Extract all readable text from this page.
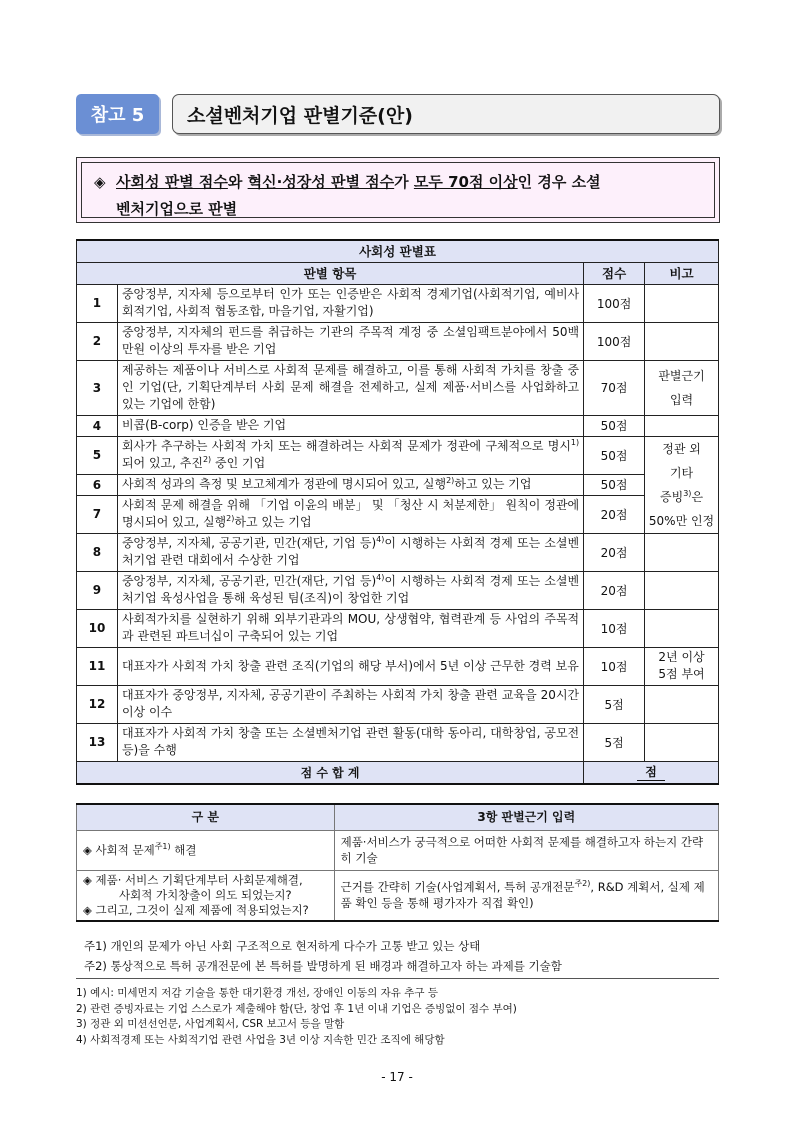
참고 5	소셜벤처기업 판별기준(안)
◈ 사회성 판별 점수와 혁신·성장성 판별 점수가 모두 70점 이상인 경우 소셜
벤처기업으로 판별
사회성 판별표			
판별 항목		점수	비고
1	중앙정부, 지자체 등으로부터 인가 또는 인증받은 사회적 경제기업(사회적기업, 예비사회적기업, 사회적 협동조합, 마을기업, 자활기업)	100점	
2	중앙정부, 지자체의 펀드를 취급하는 기관의 주목적 계정 중 소셜임팩트분야에서 50백만원 이상의 투자를 받은 기업	100점	
3	제공하는 제품이나 서비스로 사회적 문제를 해결하고, 이를 통해 사회적 가치를 창출 중인 기업(단, 기획단계부터 사회 문제 해결을 전제하고, 실제 제품·서비스를 사업화하고 있는 기업에 한함)	70점	판별근기
입력
4	비콥(B-corp) 인증을 받은 기업	50점	
5	회사가 추구하는 사회적 가치 또는 해결하려는 사회적 문제가 정관에 구체적으로 명시$^{1)}$되어 있고, 추진$^{2)}$ 중인 기업	50점	정관 외
기타
증빙$^{3)}$은
50%만 인정
6	사회적 성과의 측정 및 보고체계가 정관에 명시되어 있고, 실행$^{2)}$하고 있는 기업	50점	
7	사회적 문제 해결을 위해 「기업 이윤의 배분」 및 「청산 시 처분제한」 원칙이 정관에 명시되어 있고, 실행$^{2)}$하고 있는 기업	20점	
8	중앙정부, 지자체, 공공기관, 민간(재단, 기업 등)$^{4)}$이 시행하는 사회적 경제 또는 소셜벤처기업 관련 대회에서 수상한 기업	20점	
9	중앙정부, 지자체, 공공기관, 민간(재단, 기업 등)$^{4)}$이 시행하는 사회적 경제 또는 소셜벤처기업 육성사업을 통해 육성된 팀(조직)이 창업한 기업	20점	
10	사회적가치를 실현하기 위해 외부기관과의 MOU, 상생협약, 협력관계 등 사업의 주목적과 관련된 파트너십이 구축되어 있는 기업	10점	
11	대표자가 사회적 가치 창출 관련 조직(기업의 해당 부서)에서 5년 이상 근무한 경력 보유	10점	2년 이상
5점 부여
12	대표자가 중앙정부, 지자체, 공공기관이 주최하는 사회적 가치 창출 관련 교육을 20시간 이상 이수	5점	
13	대표자가 사회적 가치 창출 또는 소셜벤처기업 관련 활동(대학 동아리, 대학창업, 공모전 등)을 수행	5점	
점 수 합 계		점	
구 분	3항 판별근기 입력
◈ 사회적 문제$^{주1)}$ 해결	제품·서비스가 궁극적으로 어떠한 사회적 문제를 해결하고자 하는지 간략히 기술

◈ 제품· 서비스 기획단계부터 사회문제해결,
사회적 가치창출이 의도 되었는지?
◈ 그리고, 그것이 실제 제품에 적용되었는지?	근거를 간략히 기술(사업계획서, 특허 공개전문$^{주2)}$, R&D 계획서, 실제 제품 확인 등을 통해 평가자가 직접 확인)
주1) 개인의 문제가 아닌 사회 구조적으로 현저하게 다수가 고통 받고 있는 상태
주2) 통상적으로 특허 공개전문에 본 특허를 발명하게 된 배경과 해결하고자 하는 과제를 기술함
1) 예시: 미세먼지 저감 기술을 통한 대기환경 개선, 장애인 이동의 자유 추구 등
2) 관련 증빙자료는 기업 스스로가 제출해야 함(단, 창업 후 1년 이내 기업은 증빙없이 점수 부여)
3) 정관 외 미션선언문, 사업계획서, CSR 보고서 등을 말함
4) 사회적경제 또는 사회적기업 관련 사업을 3년 이상 지속한 민간 조직에 해당함
- 17 -
